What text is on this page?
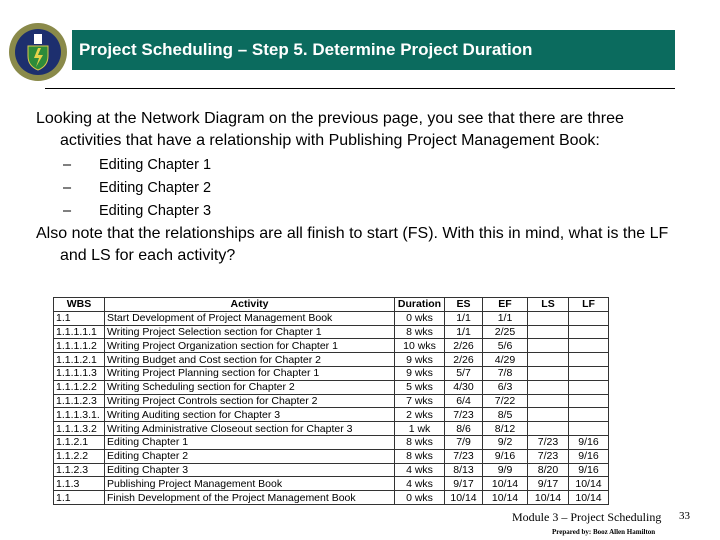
Project Scheduling – Step 5. Determine Project Duration

Looking at the Network Diagram on the previous page, you see that there are three activities that have a relationship with Publishing Project Management Book:

– Editing Chapter 1
– Editing Chapter 2
– Editing Chapter 3

Also note that the relationships are all finish to start (FS). With this in mind, what is the LF and LS for each activity?

WBS	Activity	Duration	ES	EF	LS	LF
1.1	Start Development of Project Management Book	0 wks	1/1	1/1		
1.1.1.1.1	Writing Project Selection section for Chapter 1	8 wks	1/1	2/25		
1.1.1.1.2	Writing Project Organization section for Chapter 1	10 wks	2/26	5/6		
1.1.1.2.1	Writing Budget and Cost section for Chapter 2	9 wks	2/26	4/29		
1.1.1.1.3	Writing Project Planning section for Chapter 1	9 wks	5/7	7/8		
1.1.1.2.2	Writing Scheduling section for Chapter 2	5 wks	4/30	6/3		
1.1.1.2.3	Writing Project Controls section for Chapter 2	7 wks	6/4	7/22		
1.1.1.3.1.	Writing Auditing section for Chapter 3	2 wks	7/23	8/5		
1.1.1.3.2	Writing Administrative Closeout section for Chapter 3	1 wk	8/6	8/12		
1.1.2.1	Editing Chapter 1	8 wks	7/9	9/2	7/23	9/16
1.1.2.2	Editing Chapter 2	8 wks	7/23	9/16	7/23	9/16
1.1.2.3	Editing Chapter 3	4 wks	8/13	9/9	8/20	9/16
1.1.3	Publishing Project Management Book	4 wks	9/17	10/14	9/17	10/14
1.1	Finish Development of the Project Management Book	0 wks	10/14	10/14	10/14	10/14
Module 3 – Project Scheduling 33
Prepared by: Booz Allen Hamilton
